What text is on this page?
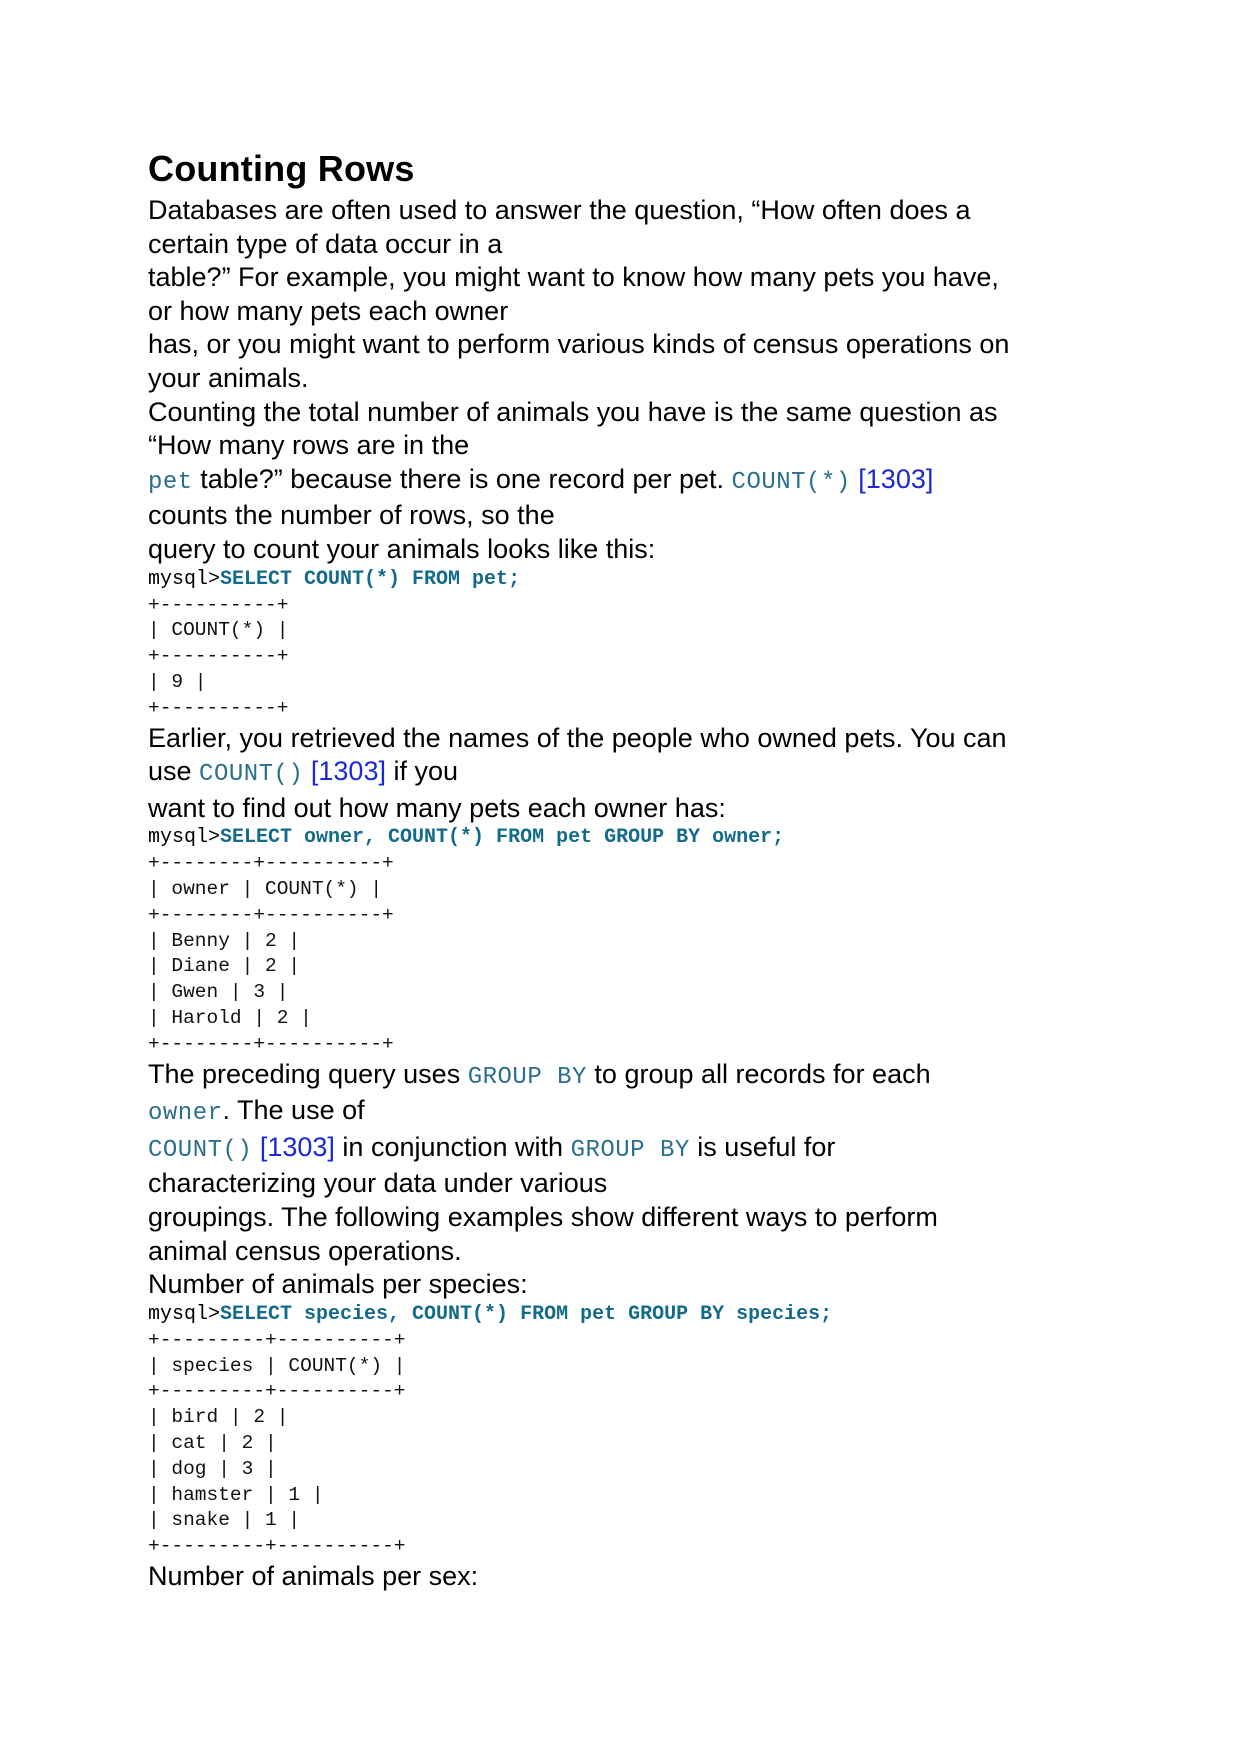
Counting Rows
Databases are often used to answer the question, “How often does a
certain type of data occur in a
table?” For example, you might want to know how many pets you have,
or how many pets each owner
has, or you might want to perform various kinds of census operations on
your animals.
Counting the total number of animals you have is the same question as
“How many rows are in the
pet table?” because there is one record per pet. COUNT(*) [1303]
counts the number of rows, so the
query to count your animals looks like this:
mysql>SELECT COUNT(*) FROM pet;
+----------+
| COUNT(*) |
+----------+
| 9 |
+----------+
Earlier, you retrieved the names of the people who owned pets. You can
use COUNT() [1303] if you
want to find out how many pets each owner has:
mysql>SELECT owner, COUNT(*) FROM pet GROUP BY owner;
+--------+----------+
| owner | COUNT(*) |
+--------+----------+
| Benny | 2 |
| Diane | 2 |
| Gwen | 3 |
| Harold | 2 |
+--------+----------+
The preceding query uses GROUP BY to group all records for each
owner. The use of
COUNT() [1303] in conjunction with GROUP BY is useful for
characterizing your data under various
groupings. The following examples show different ways to perform
animal census operations.
Number of animals per species:
mysql>SELECT species, COUNT(*) FROM pet GROUP BY species;
+---------+----------+
| species | COUNT(*) |
+---------+----------+
| bird | 2 |
| cat | 2 |
| dog | 3 |
| hamster | 1 |
| snake | 1 |
+---------+----------+
Number of animals per sex:
